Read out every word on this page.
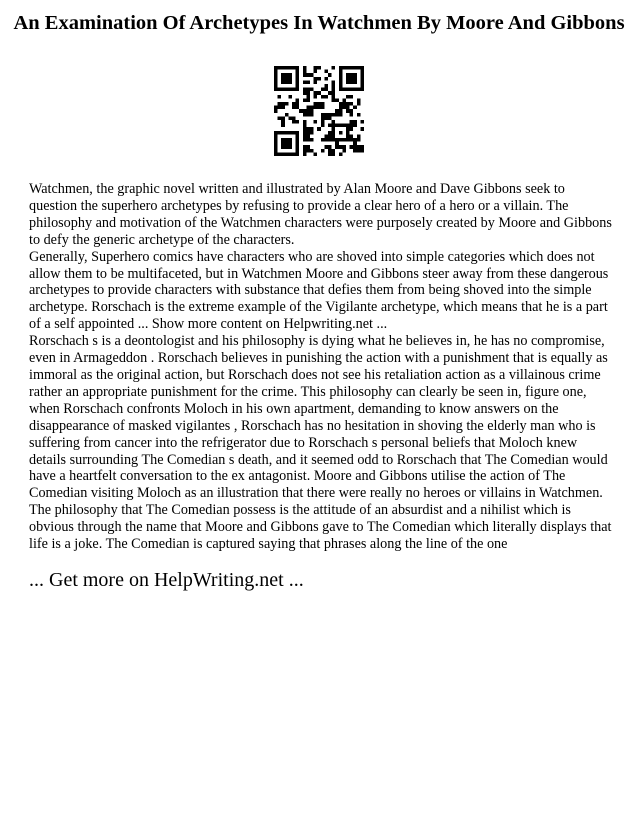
An Examination Of Archetypes In Watchmen By Moore And Gibbons

Watchmen, the graphic novel written and illustrated by Alan Moore and Dave Gibbons seek to question the superhero archetypes by refusing to provide a clear hero of a hero or a villain. The philosophy and motivation of the Watchmen characters were purposely created by Moore and Gibbons to defy the generic archetype of the characters.

Generally, Superhero comics have characters who are shoved into simple categories which does not allow them to be multifaceted, but in Watchmen Moore and Gibbons steer away from these dangerous archetypes to provide characters with substance that defies them from being shoved into the simple archetype. Rorschach is the extreme example of the Vigilante archetype, which means that he is a part of a self appointed ... Show more content on Helpwriting.net ...

Rorschach s is a deontologist and his philosophy is dying what he believes in, he has no compromise, even in Armageddon . Rorschach believes in punishing the action with a punishment that is equally as immoral as the original action, but Rorschach does not see his retaliation action as a villainous crime rather an appropriate punishment for the crime. This philosophy can clearly be seen in, figure one, when Rorschach confronts Moloch in his own apartment, demanding to know answers on the disappearance of masked vigilantes , Rorschach has no hesitation in shoving the elderly man who is suffering from cancer into the refrigerator due to Rorschach s personal beliefs that Moloch knew details surrounding The Comedian s death, and it seemed odd to Rorschach that The Comedian would have a heartfelt conversation to the ex antagonist. Moore and Gibbons utilise the action of The Comedian visiting Moloch as an illustration that there were really no heroes or villains in Watchmen. The philosophy that The Comedian possess is the attitude of an absurdist and a nihilist which is obvious through the name that Moore and Gibbons gave to The Comedian which literally displays that life is a joke. The Comedian is captured saying that phrases along the line of the one

... Get more on HelpWriting.net ...
